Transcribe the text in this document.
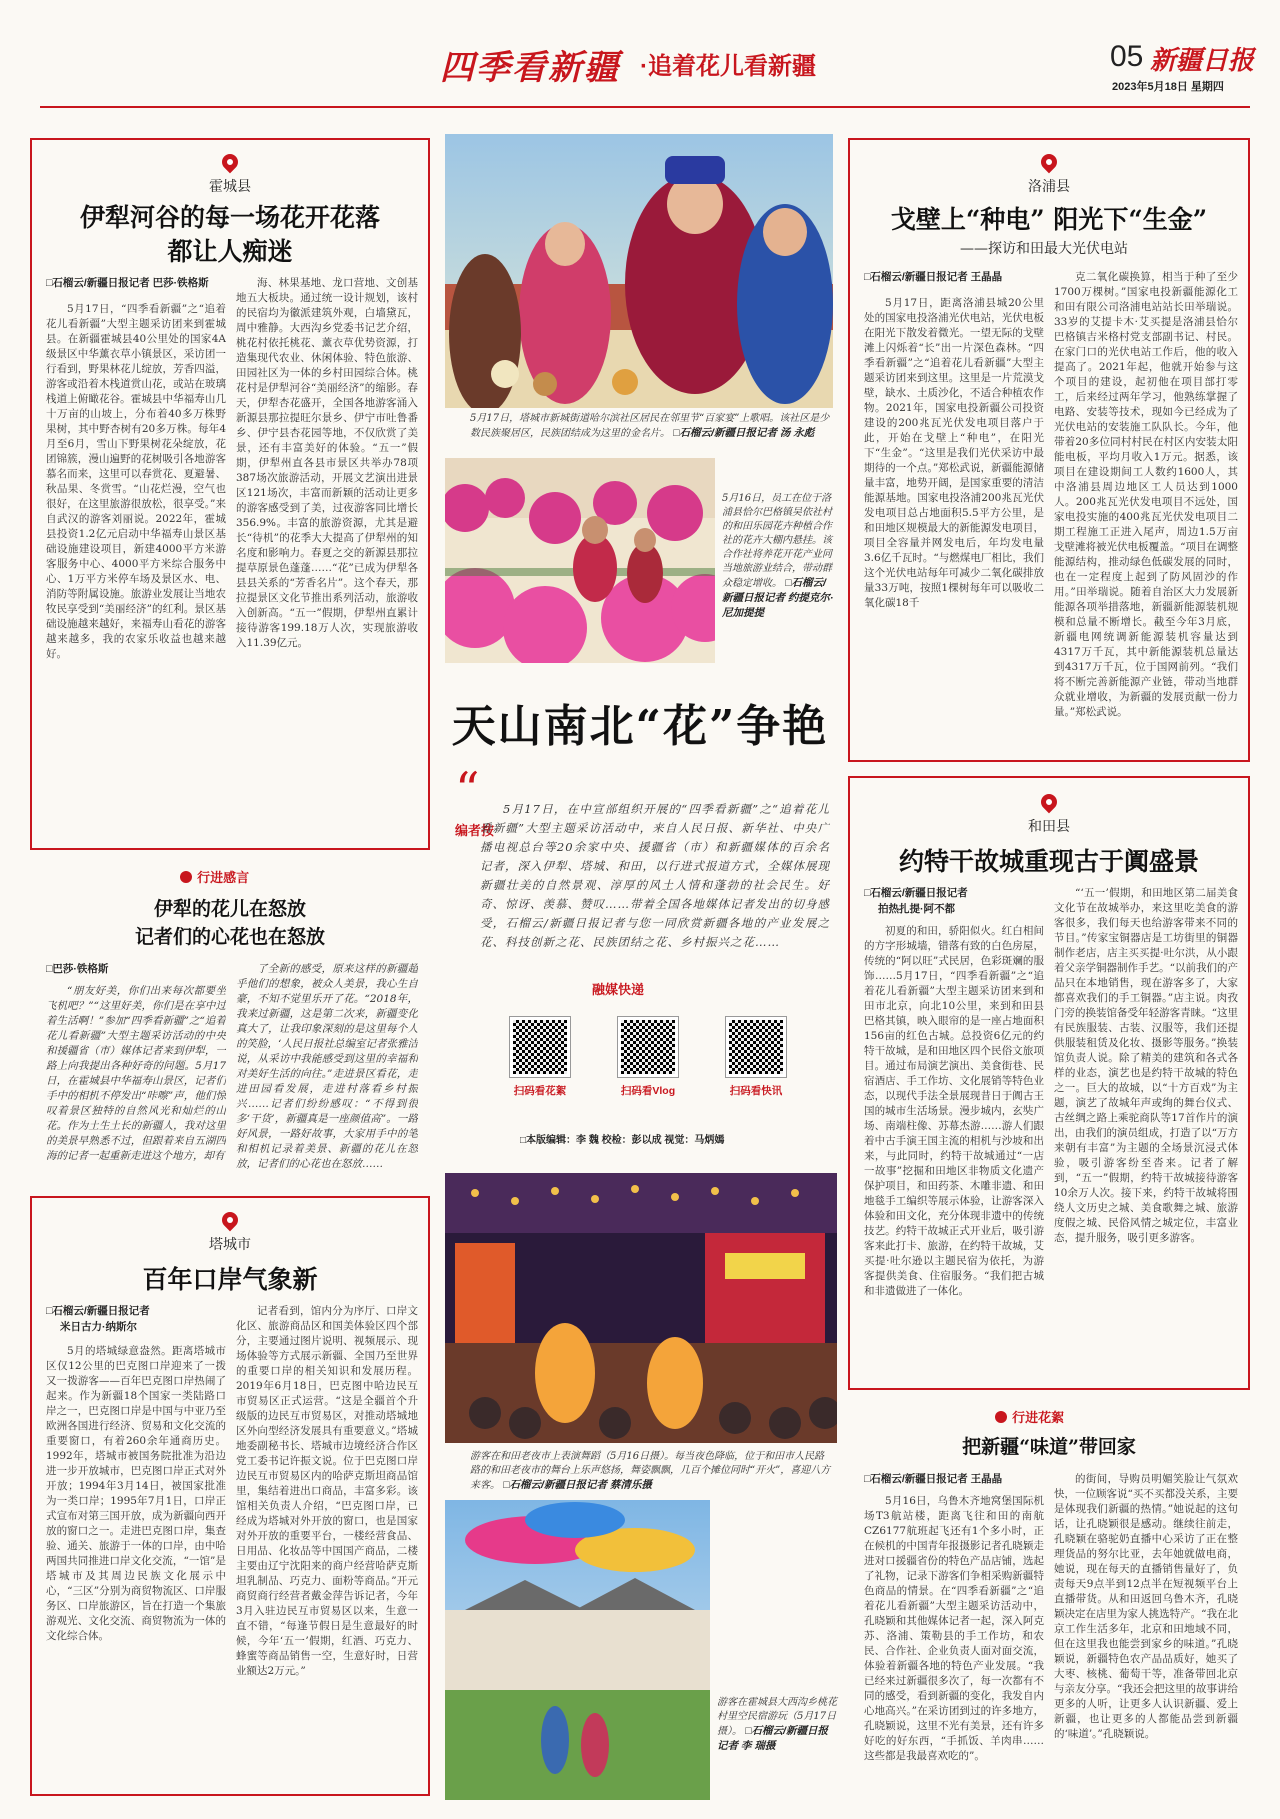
四季看新疆 ·追着花儿看新疆	05 新疆日报
2023年5月18日 星期四
霍城县
伊犁河谷的每一场花开花落
都让人痴迷
□石榴云/新疆日报记者 巴莎·铁格斯

5月17日，“四季看新疆”之“追着花儿看新疆”大型主题采访团来到霍城县。在新疆霍城县40公里处的国家4A级景区中华薰衣草小镇景区，采访团一行看到，野果林花儿绽放，芳香四溢，游客或沿着木栈道赏山花，或站在玻璃栈道上俯瞰花谷。霍城县中华福寿山几十万亩的山坡上，分布着40多万株野果树，其中野杏树有20多万株。每年4月至6月，雪山下野果树花朵绽放，花团锦簇，漫山遍野的花树吸引各地游客慕名而来，这里可以春赏花、夏避暑、秋品果、冬赏雪。“山花烂漫，空气也很好，在这里旅游很放松，很享受。”来自武汉的游客刘丽说。2022年，霍城县投资1.2亿元启动中华福寿山景区基础设施建设项目，新建4000平方米游客服务中心、4000平方米综合服务中心、1万平方米停车场及景区水、电、消防等附属设施。旅游业发展让当地农牧民享受到“美丽经济”的红利。景区基础设施越来越好，来福寿山看花的游客越来越多，我的农家乐收益也越来越好。

海、林果基地、龙口营地、文创基地五大板块。通过统一设计规划，该村的民宿均为徽派建筑外观，白墙黛瓦，周中雅静。大西沟乡党委书记艺介绍，桃花村依托桃花、薰衣草优势资源，打造集现代农业、休闲体验、特色旅游、田园社区为一体的乡村田园综合体。桃花村是伊犁河谷“美丽经济”的缩影。春天，伊犁杏花盛开，全国各地游客涌入新源县那拉提旺尔景乡、伊宁市吐鲁番乡、伊宁县杏花园等地，不仅欣赏了美景，还有丰富美好的体验。“五一”假期，伊犁州直各县市景区共举办78项387场次旅游活动，开展文艺演出进景区121场次，丰富而新颖的活动让更多的游客感受到了美，过夜游客同比增长356.9%。丰富的旅游资源，尤其是避长“待机”的花季大大提高了伊犁州的知名度和影响力。春夏之交的新源县那拉提草原景色蓬蓬……“花”已成为伊犁各县县关系的“芳香名片”。这个春天，那拉提景区文化节推出系列活动，旅游收入创新高。“五一”假期，伊犁州直累计接待游客199.18万人次，实现旅游收入11.39亿元。

5月17日，塔城市新城街道哈尔滨社区居民在邻里节“百家宴”上歌唱。该社区是少数民族聚居区，民族团结成为这里的金名片。 □石榴云/新疆日报记者 汤 永彪
5月16日，员工在位于洛浦县恰尔巴格镇吴依社村的和田乐园花卉种植合作社的花卉大棚内悬挂。该合作社将养花开花产业同当地旅游业结合，带动群众稳定增收。 □石榴云/新疆日报记者 约提克尔·尼加提提
天山南北“花”争艳
“
编者按

5月17日，在中宣部组织开展的“四季看新疆”之“追着花儿看新疆”大型主题采访活动中，来自人民日报、新华社、中央广播电视总台等20余家中央、援疆省（市）和新疆媒体的百余名记者，深入伊犁、塔城、和田，以行进式报道方式，全媒体展现新疆壮美的自然景观、淳厚的风土人情和蓬勃的社会民生。好奇、惊讶、羡慕、赞叹……带着全国各地媒体记者发出的切身感受，石榴云/新疆日报记者与您一同欣赏新疆各地的产业发展之花、科技创新之花、民族团结之花、乡村振兴之花……

融媒快递
扫码看花絮	扫码看Vlog	扫码看快讯
□本版编辑：李 魏 校检：彭以成 视觉：马炳嫣
洛浦县
戈壁上“种电” 阳光下“生金”
——探访和田最大光伏电站
□石榴云/新疆日报记者 王晶晶

5月17日，距离洛浦县城20公里处的国家电投洛浦光伏电站，光伏电板在阳光下散发着微光。一望无际的戈壁滩上闪烁着“长”出一片深色森林。“四季看新疆”之“追着花儿看新疆”大型主题采访团来到这里。这里是一片荒漠戈壁，缺水、土质沙化，不适合种植农作物。2021年，国家电投新疆公司投资建设的200兆瓦光伏发电项目落户于此，开始在戈壁上“种电”，在阳光下“生金”。“这里是我们光伏采访中最期待的一个点。”郑松武说，新疆能源储量丰富，地势开阔，是国家重要的清洁能源基地。国家电投洛浦200兆瓦光伏发电项目总占地面积5.5平方公里，是和田地区规模最大的新能源发电项目，项目全容量并网发电后，年均发电量3.6亿千瓦时。“与燃煤电厂相比，我们这个光伏电站每年可减少二氧化碳排放量33万吨，按照1棵树每年可以吸收二氧化碳18千

克二氧化碳换算，相当于种了至少1700万棵树。”国家电投新疆能源化工和田有限公司洛浦电站站长田举瑞说。33岁的艾提卡木·艾买提是洛浦县恰尔巴格镇吉米格村党支部副书记、村民。在家门口的光伏电站工作后，他的收入提高了。2021年起，他就开始参与这个项目的建设，起初他在项目部打零工，后来经过两年学习，他熟练掌握了电路、安装等技术，现如今已经成为了光伏电站的安装施工队队长。今年，他带着20多位同村村民在村区内安装太阳能电板，平均月收入1万元。据悉，该项目在建设期间工人数约1600人，其中洛浦县周边地区工人员达到1000人。200兆瓦光伏发电项目不远处，国家电投实施的400兆瓦光伏发电项目二期工程施工正进入尾声，周边1.5万亩戈壁滩将被光伏电板覆盖。“项目在调整能源结构，推动绿色低碳发展的同时，也在一定程度上起到了防风固沙的作用。”田举瑞说。随着自治区大力发展新能源各项举措落地，新疆新能源装机规模和总量不断增长。截至今年3月底，新疆电网统调新能源装机容量达到4317万千瓦，其中新能源装机总量达到4317万千瓦，位于国网前列。“我们将不断完善新能源产业链，带动当地群众就业增收，为新疆的发展贡献一份力量。”郑松武说。

行进感言
伊犁的花儿在怒放
记者们的心花也在怒放
□巴莎·铁格斯

“朋友好美，你们出来每次都要坐飞机吧？”“这里好美，你们是在享中过着生活啊！”参加“四季看新疆”之“追着花儿看新疆”大型主题采访活动的中央和援疆省（市）媒体记者来到伊犁，一路上向我提出各种好奇的问题。5月17日，在霍城县中华福寿山景区，记者们手中的相机不停发出“咔嚓”声，他们惊叹着景区独特的自然风光和灿烂的山花。作为土生土长的新疆人，我对这里的美景早熟悉不过，但跟着来自五湖四海的记者一起重新走进这个地方，却有

了全新的感受，原来这样的新疆超乎他们的想象，被众人美景，我心生自豪，不知不觉里乐开了花。“2018年，我来过新疆，这是第二次来，新疆变化真大了，让我印象深刻的是这里每个人的笑脸，‘人民日报社总编室记者张雅洁说，从采访中我能感受到这里的幸福和对美好生活的向往。”走进景区看花，走进田园看发展，走进村落看乡村振兴……记者们纷纷感叹：“不得到很多‘干货’，新疆真是一座颜值高”。一路好风景，一路好故事，大家用手中的笔和相机记录着美景、新疆的花儿在怒放，记者们的心花也在怒放……

塔城市
百年口岸气象新
□石榴云/新疆日报记者
米日古力·纳斯尔

5月的塔城绿意盎然。距离塔城市区仅12公里的巴克图口岸迎来了一拨又一拨游客——百年巴克图口岸热闹了起来。作为新疆18个国家一类陆路口岸之一，巴克图口岸是中国与中亚乃至欧洲各国进行经济、贸易和文化交流的重要窗口，有着260余年通商历史。1992年，塔城市被国务院批准为沿边进一步开放城市，巴克图口岸正式对外开放；1994年3月14日，被国家批准为一类口岸；1995年7月1日，口岸正式宣布对第三国开放，成为新疆向西开放的窗口之一。走进巴克图口岸，集查验、通关、旅游于一体的口岸，由中哈两国共同推进口岸文化交流，“一馆”是塔城市及其周边民族文化展示中心，“三区”分别为商贸物流区、口岸服务区、口岸旅游区，旨在打造一个集旅游观光、文化交流、商贸物流为一体的文化综合体。

记者看到，馆内分为序厅、口岸文化区、旅游商品区和国美体验区四个部分，主要通过图片说明、视频展示、现场体验等方式展示新疆、全国乃至世界的重要口岸的相关知识和发展历程。2019年6月18日，巴克图中哈边民互市贸易区正式运营。“这是全疆首个升级版的边民互市贸易区，对推动塔城地区外向型经济发展具有重要意义。”塔城地委副秘书长、塔城市边境经济合作区党工委书记许振文说。位于巴克图口岸边民互市贸易区内的哈萨克斯坦商品馆里，集结着进出口商品，丰富多彩。该馆相关负责人介绍，“巴克图口岸，已经成为塔城对外开放的窗口，也是国家对外开放的重要平台，一楼经营食品、日用品、化妆品等中国国产商品，二楼主要由辽宁沈阳来的商户经营哈萨克斯坦乳制品、巧克力、面粉等商品。”开元商贸商行经营者戴金萍告诉记者，今年3月入驻边民互市贸易区以来，生意一直不错，“每逢节假日是生意最好的时候，今年‘五一’假期，红酒、巧克力、蜂蜜等商品销售一空，生意好时，日营业额达2万元。”

游客在和田老夜市上表演舞蹈（5月16日摄）。每当夜色降临，位于和田市人民路路的和田老夜市的舞台上乐声悠扬，舞姿飘飘，几百个摊位同时“开火”，喜迎八方来客。 □石榴云/新疆日报记者 蔡清乐摄
游客在霍城县大西沟乡桃花村里空民宿游玩（5月17日摄）。 □石榴云/新疆日报记者 李 瑞摄
和田县
约特干故城重现古于阗盛景
□石榴云/新疆日报记者
拍热扎提·阿不都

初夏的和田，骄阳似火。红白相间的方字形城墙，错落有致的白色房屋，传统的“阿以旺”式民居，色彩斑斓的服饰……5月17日，“四季看新疆”之“追着花儿看新疆”大型主题采访团来到和田市北京，向北10公里，来到和田县巴格其镇，映入眼帘的是一座占地面积156亩的红色古城。总投资6亿元的约特干故城，是和田地区四个民俗文旅项目。通过布局演艺演出、美食街巷、民宿酒店、手工作坊、文化展销等特色业态，以现代手法全景展现昔日于阗古王国的城市生活场景。漫步城内，玄奘广场、南端柱像、苏幕杰游……游人们跟着中古手演王国主流的相机与沙坡和出来，与此同时，约特干故城通过“一店一故事”挖掘和田地区非物质文化遗产保护项目，和田药茶、木雕非遗、和田地毯手工编织等展示体验，让游客深入体验和田文化，充分体现非遗中的传统技艺。约特干故城正式开业后，吸引游客来此打卡、旅游，在约特干故城，艾买提·吐尔逊以主题民宿为依托，为游客提供美食、住宿服务。“我们把古城和非遗做进了一体化。

“‘五一’假期，和田地区第二届美食文化节在故城举办，来这里吃美食的游客很多，我们每天也给游客带来不同的节目。”传家宝铜器店是工坊街里的铜器制作老店，店主买买提·吐尔洪，从小跟着父亲学铜器制作手艺。“以前我们的产品只在本地销售，现在游客多了，大家都喜欢我们的手工铜器。”店主说。肉孜门旁的换装馆备受年轻游客青睐。“这里有民族服装、古装、汉服等，我们还提供服装租赁及化妆、摄影等服务。”换装馆负责人说。除了精美的建筑和各式各样的业态，演艺也是约特干故城的特色之一。巨大的故城，以“十方百戏”为主题，演艺了故城年声或绚的舞台仪式、古丝绸之路上乘驼商队等17首作片的演出，由我们的演员组成，打造了以“万方来朝有丰富”为主题的全场景沉浸式体验，吸引游客纷至沓来。记者了解到，“五一”假期，约特干故城接待游客10余万人次。接下来，约特干故城将围绕人文历史之城、美食歌舞之城、旅游度假之城、民俗风情之城定位，丰富业态，提升服务，吸引更多游客。

行进花絮
把新疆“味道”带回家
□石榴云/新疆日报记者 王晶晶

5月16日，乌鲁木齐地窝堡国际机场T3航站楼，距离飞往和田的南航CZ6177航班起飞还有1个多小时，正在候机的中国青年报摄影记者孔晓颖走进对口援疆省份的特色产品店铺，选起了礼物，记录下游客们争相采购新疆特色商品的情景。在“四季看新疆”之“追着花儿看新疆”大型主题采访活动中，孔晓颖和其他媒体记者一起，深入阿克苏、洛浦、策勒县的手工作坊，和农民、合作社、企业负责人面对面交流，体验着新疆各地的特色产业发展。“我已经来过新疆很多次了，每一次都有不同的感受，看到新疆的变化，我发自内心地高兴。”在采访团到过的许多地方，孔晓颖说，这里不光有美景，还有许多好吃的好东西，“手抓饭、羊肉串……这些都是我最喜欢吃的”。

的街间，导购员明媚笑脸让气氛欢快，一位顾客说“买不买都没关系，主要是体现我们新疆的热情。”她说起的这句话，让孔晓颖很是感动。继续往前走，孔晓颖在骆驼奶直播中心采访了正在整理货品的努尔比亚，去年她就做电商，她说，现在每天的直播销售量好了，负责每天9点半到12点半在短视频平台上直播带货。从和田返回乌鲁木齐，孔晓颖决定在店里为家人挑选特产。“我在北京工作生活多年，北京和田地域不同，但在这里我也能尝到家乡的味道。”孔晓颖说，新疆特色农产品品质好，她买了大枣、核桃、葡萄干等，准备带回北京与亲友分享。“我还会把这里的故事讲给更多的人听，让更多人认识新疆、爱上新疆，也让更多的人都能品尝到新疆的‘味道’。”孔晓颖说。
